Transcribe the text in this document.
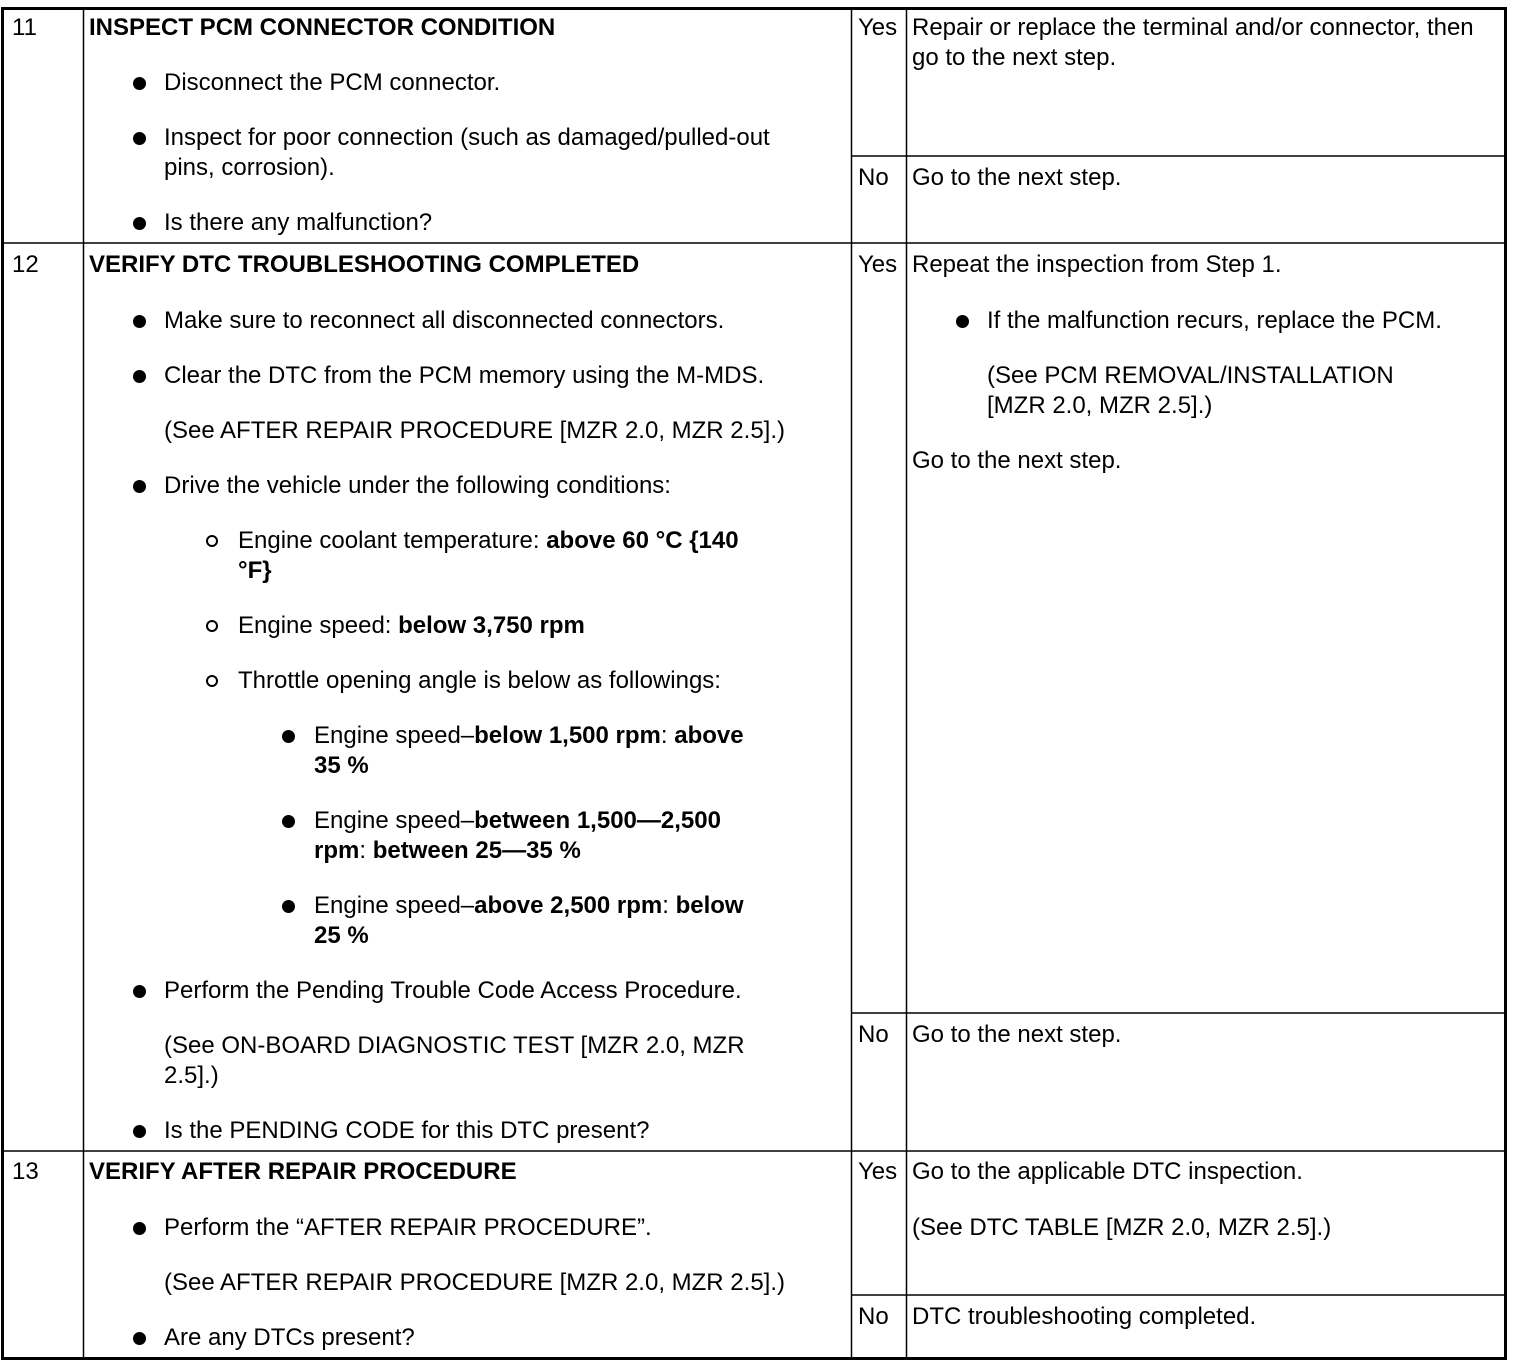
11 INSPECT PCM CONNECTOR CONDITION
Disconnect the PCM connector.
Inspect for poor connection (such as damaged/pulled-out
pins, corrosion).
Is there any malfunction?
Yes Repair or replace the terminal and/or connector, then
go to the next step.
No Go to the next step.
12 VERIFY DTC TROUBLESHOOTING COMPLETED
Make sure to reconnect all disconnected connectors.
Clear the DTC from the PCM memory using the M-MDS.
(See AFTER REPAIR PROCEDURE [MZR 2.0, MZR 2.5].)
Drive the vehicle under the following conditions:
Engine coolant temperature: above 60 °C {140
°F}
Engine speed: below 3,750 rpm
Throttle opening angle is below as followings:
Engine speed–below 1,500 rpm: above
35 %
Engine speed–between 1,500—2,500
rpm: between 25—35 %
Engine speed–above 2,500 rpm: below
25 %
Perform the Pending Trouble Code Access Procedure.
(See ON-BOARD DIAGNOSTIC TEST [MZR 2.0, MZR
2.5].)
Is the PENDING CODE for this DTC present?
Yes Repeat the inspection from Step 1.
If the malfunction recurs, replace the PCM.
(See PCM REMOVAL/INSTALLATION
[MZR 2.0, MZR 2.5].)
Go to the next step.
No Go to the next step.
13 VERIFY AFTER REPAIR PROCEDURE
Perform the “AFTER REPAIR PROCEDURE”.
(See AFTER REPAIR PROCEDURE [MZR 2.0, MZR 2.5].)
Are any DTCs present?
Yes Go to the applicable DTC inspection.
(See DTC TABLE [MZR 2.0, MZR 2.5].)
No DTC troubleshooting completed.
